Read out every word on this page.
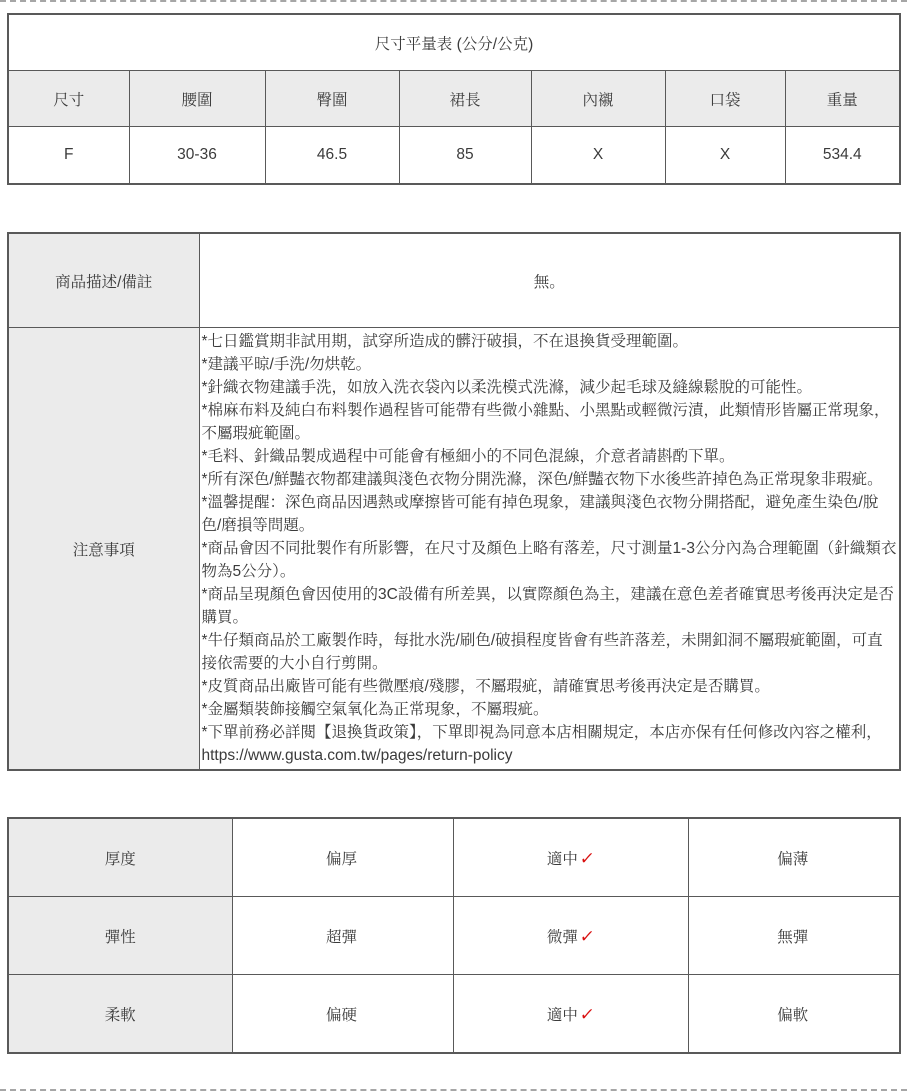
尺寸平量表 (公分/公克)						
尺寸	腰圍	臀圍	裙長	內襯	口袋	重量
F	30-36	46.5	85	X	X	534.4
商品描述/備註	無。
注意事項	
*七日鑑賞期非試用期，試穿所造成的髒汙破損，不在退換貨受理範圍。
*建議平晾/手洗/勿烘乾。
*針織衣物建議手洗，如放入洗衣袋內以柔洗模式洗滌，減少起毛球及縫線鬆脫的可能性。
*棉麻布料及純白布料製作過程皆可能帶有些微小雜點、小黑點或輕微污漬，此類情形皆屬正常現象，不屬瑕疵範圍。
*毛料、針織品製成過程中可能會有極細小的不同色混線，介意者請斟酌下單。
*所有深色/鮮豔衣物都建議與淺色衣物分開洗滌，深色/鮮豔衣物下水後些許掉色為正常現象非瑕疵。
*溫馨提醒：深色商品因遇熱或摩擦皆可能有掉色現象，建議與淺色衣物分開搭配，避免產生染色/脫色/磨損等問題。
*商品會因不同批製作有所影響，在尺寸及顏色上略有落差，尺寸測量1-3公分內為合理範圍（針織類衣物為5公分）。
*商品呈現顏色會因使用的3C設備有所差異，以實際顏色為主，建議在意色差者確實思考後再決定是否購買。
*牛仔類商品於工廠製作時，每批水洗/刷色/破損程度皆會有些許落差，未開釦洞不屬瑕疵範圍，可直接依需要的大小自行剪開。
*皮質商品出廠皆可能有些微壓痕/殘膠，不屬瑕疵，請確實思考後再決定是否購買。
*金屬類裝飾接觸空氣氧化為正常現象，不屬瑕疵。
*下單前務必詳閱【退換貨政策】，下單即視為同意本店相關規定，本店亦保有任何修改內容之權利，https://www.gusta.com.tw/pages/return-policy
厚度	偏厚	適中✓	偏薄
彈性	超彈	微彈✓	無彈
柔軟	偏硬	適中✓	偏軟
